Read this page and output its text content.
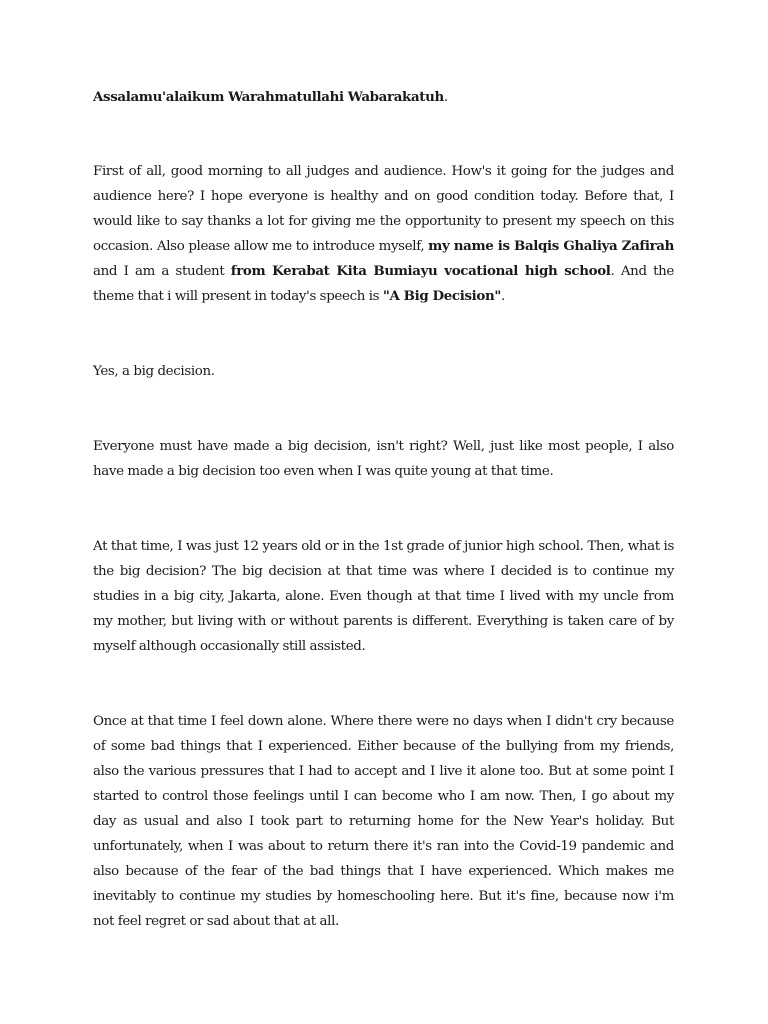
Assalamu'alaikum Warahmatullahi Wabarakatuh.

First of all, good morning to all judges and audience. How's it going for the judges and audience here? I hope everyone is healthy and on good condition today. Before that, I would like to say thanks a lot for giving me the opportunity to present my speech on this occasion. Also please allow me to introduce myself, my name is Balqis Ghaliya Zafirah and I am a student from Kerabat Kita Bumiayu vocational high school. And the theme that i will present in today's speech is "A Big Decision".

Yes, a big decision.

Everyone must have made a big decision, isn't right? Well, just like most people, I also have made a big decision too even when I was quite young at that time.

At that time, I was just 12 years old or in the 1st grade of junior high school. Then, what is the big decision? The big decision at that time was where I decided is to continue my studies in a big city, Jakarta, alone. Even though at that time I lived with my uncle from my mother, but living with or without parents is different. Everything is taken care of by myself although occasionally still assisted.

Once at that time I feel down alone. Where there were no days when I didn't cry because of some bad things that I experienced. Either because of the bullying from my friends, also the various pressures that I had to accept and I live it alone too. But at some point I started to control those feelings until I can become who I am now. Then, I go about my day as usual and also I took part to returning home for the New Year's holiday. But unfortunately, when I was about to return there it's ran into the Covid-19 pandemic and also because of the fear of the bad things that I have experienced. Which makes me inevitably to continue my studies by homeschooling here. But it's fine, because now i'm not feel regret or sad about that at all.
